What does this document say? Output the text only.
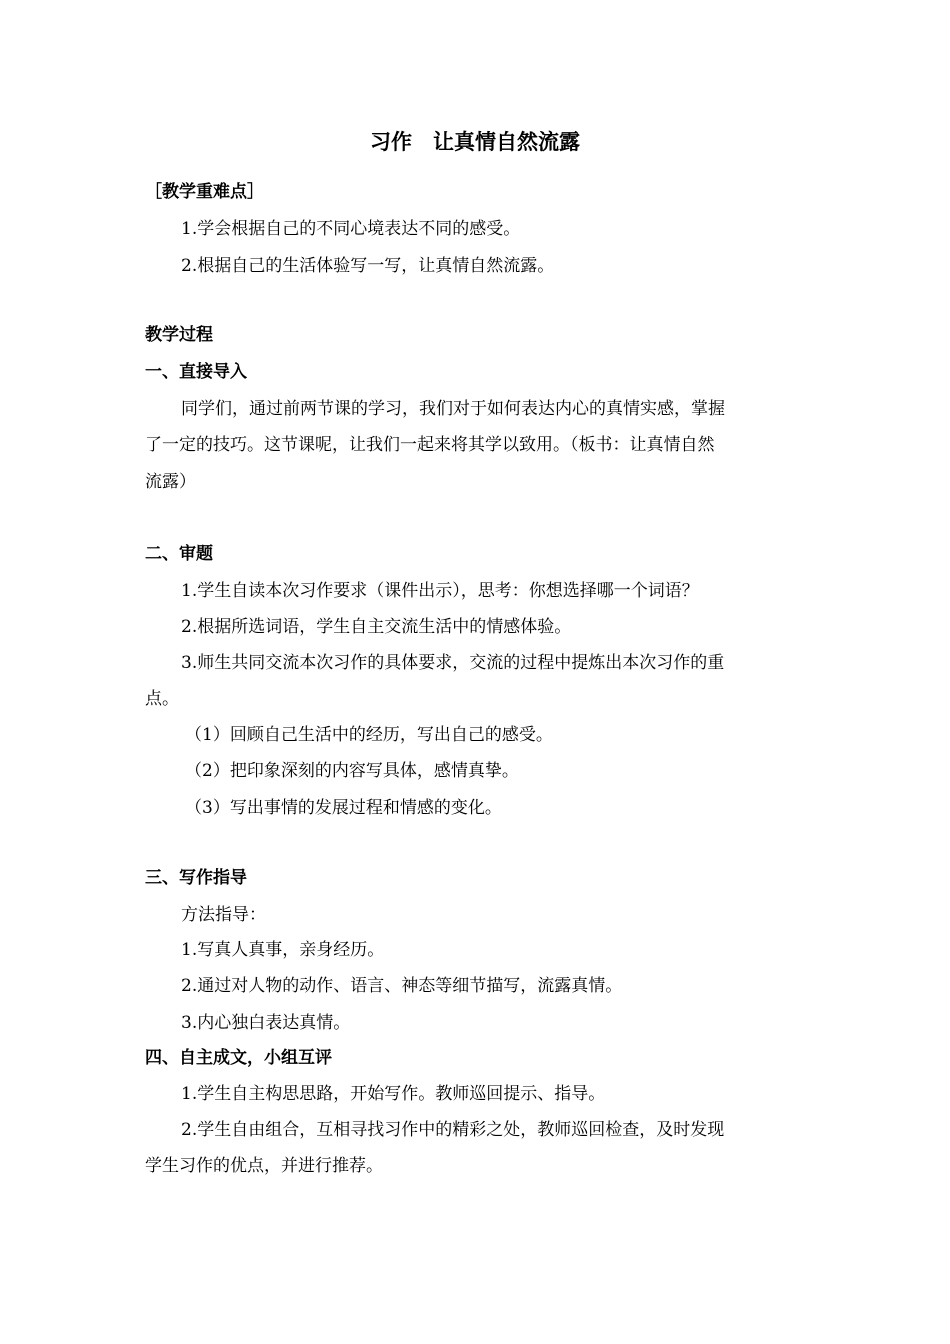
习作　让真情自然流露
［教学重难点］
1.学会根据自己的不同心境表达不同的感受。
2.根据自己的生活体验写一写，让真情自然流露。
教学过程
一、直接导入
同学们，通过前两节课的学习，我们对于如何表达内心的真情实感，掌握
了一定的技巧。这节课呢，让我们一起来将其学以致用。（板书：让真情自然
流露）
二、审题
1.学生自读本次习作要求（课件出示），思考：你想选择哪一个词语？
2.根据所选词语，学生自主交流生活中的情感体验。
3.师生共同交流本次习作的具体要求，交流的过程中提炼出本次习作的重
点。
（1）回顾自己生活中的经历，写出自己的感受。
（2）把印象深刻的内容写具体，感情真挚。
（3）写出事情的发展过程和情感的变化。
三、写作指导
方法指导：
1.写真人真事，亲身经历。
2.通过对人物的动作、语言、神态等细节描写，流露真情。
3.内心独白表达真情。
四、自主成文，小组互评
1.学生自主构思思路，开始写作。教师巡回提示、指导。
2.学生自由组合，互相寻找习作中的精彩之处，教师巡回检查，及时发现
学生习作的优点，并进行推荐。
